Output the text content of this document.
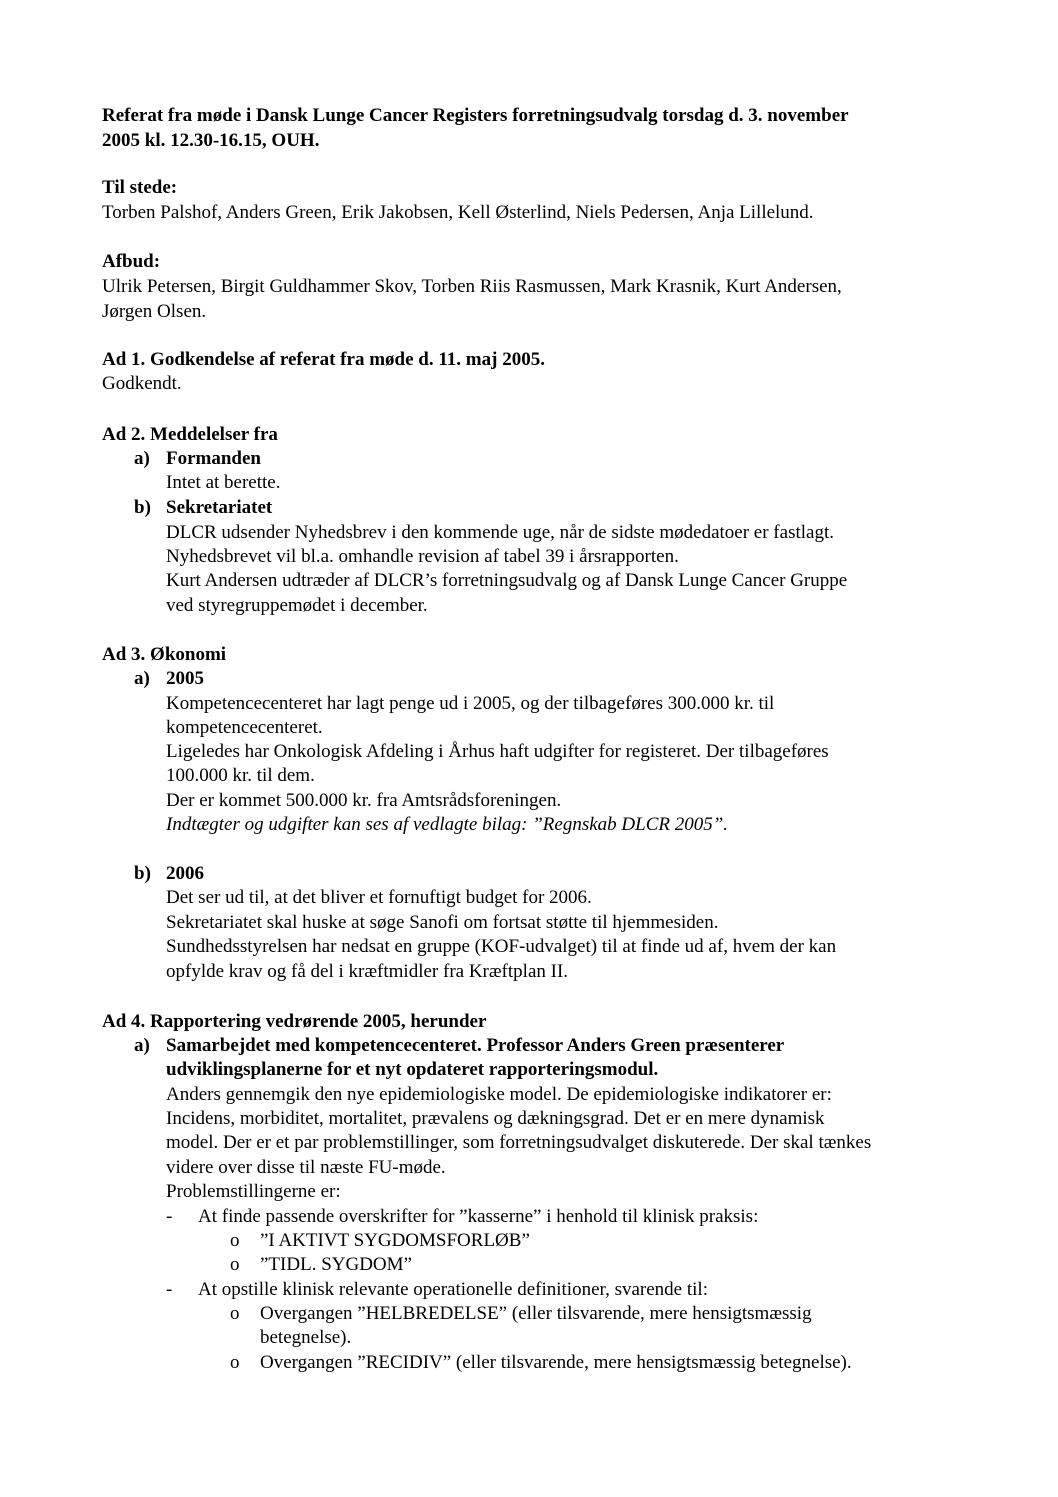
Referat fra møde i Dansk Lunge Cancer Registers forretningsudvalg torsdag d. 3. november
2005 kl. 12.30-16.15, OUH.
Til stede:
Torben Palshof, Anders Green, Erik Jakobsen, Kell Østerlind, Niels Pedersen, Anja Lillelund.
Afbud:
Ulrik Petersen, Birgit Guldhammer Skov, Torben Riis Rasmussen, Mark Krasnik, Kurt Andersen,
Jørgen Olsen.
Ad 1. Godkendelse af referat fra møde d. 11. maj 2005.
Godkendt.
Ad 2. Meddelelser fra
a) Formanden
Intet at berette.
b) Sekretariatet
DLCR udsender Nyhedsbrev i den kommende uge, når de sidste mødedatoer er fastlagt.
Nyhedsbrevet vil bl.a. omhandle revision af tabel 39 i årsrapporten.
Kurt Andersen udtræder af DLCR’s forretningsudvalg og af Dansk Lunge Cancer Gruppe
ved styregruppemødet i december.
Ad 3. Økonomi
a) 2005
Kompetencecenteret har lagt penge ud i 2005, og der tilbageføres 300.000 kr. til
kompetencecenteret.
Ligeledes har Onkologisk Afdeling i Århus haft udgifter for registeret. Der tilbageføres
100.000 kr. til dem.
Der er kommet 500.000 kr. fra Amtsrådsforeningen.
Indtægter og udgifter kan ses af vedlagte bilag: ”Regnskab DLCR 2005”.
b) 2006
Det ser ud til, at det bliver et fornuftigt budget for 2006.
Sekretariatet skal huske at søge Sanofi om fortsat støtte til hjemmesiden.
Sundhedsstyrelsen har nedsat en gruppe (KOF-udvalget) til at finde ud af, hvem der kan
opfylde krav og få del i kræftmidler fra Kræftplan II.
Ad 4. Rapportering vedrørende 2005, herunder
a) Samarbejdet med kompetencecenteret. Professor Anders Green præsenterer
udviklingsplanerne for et nyt opdateret rapporteringsmodul.
Anders gennemgik den nye epidemiologiske model. De epidemiologiske indikatorer er:
Incidens, morbiditet, mortalitet, prævalens og dækningsgrad. Det er en mere dynamisk
model. Der er et par problemstillinger, som forretningsudvalget diskuterede. Der skal tænkes
videre over disse til næste FU-møde.
Problemstillingerne er:
- At finde passende overskrifter for ”kasserne” i henhold til klinisk praksis:
o ”I AKTIVT SYGDOMSFORLØB”
o ”TIDL. SYGDOM”
- At opstille klinisk relevante operationelle definitioner, svarende til:
o Overgangen ”HELBREDELSE” (eller tilsvarende, mere hensigtsmæssig
betegnelse).
o Overgangen ”RECIDIV” (eller tilsvarende, mere hensigtsmæssig betegnelse).
